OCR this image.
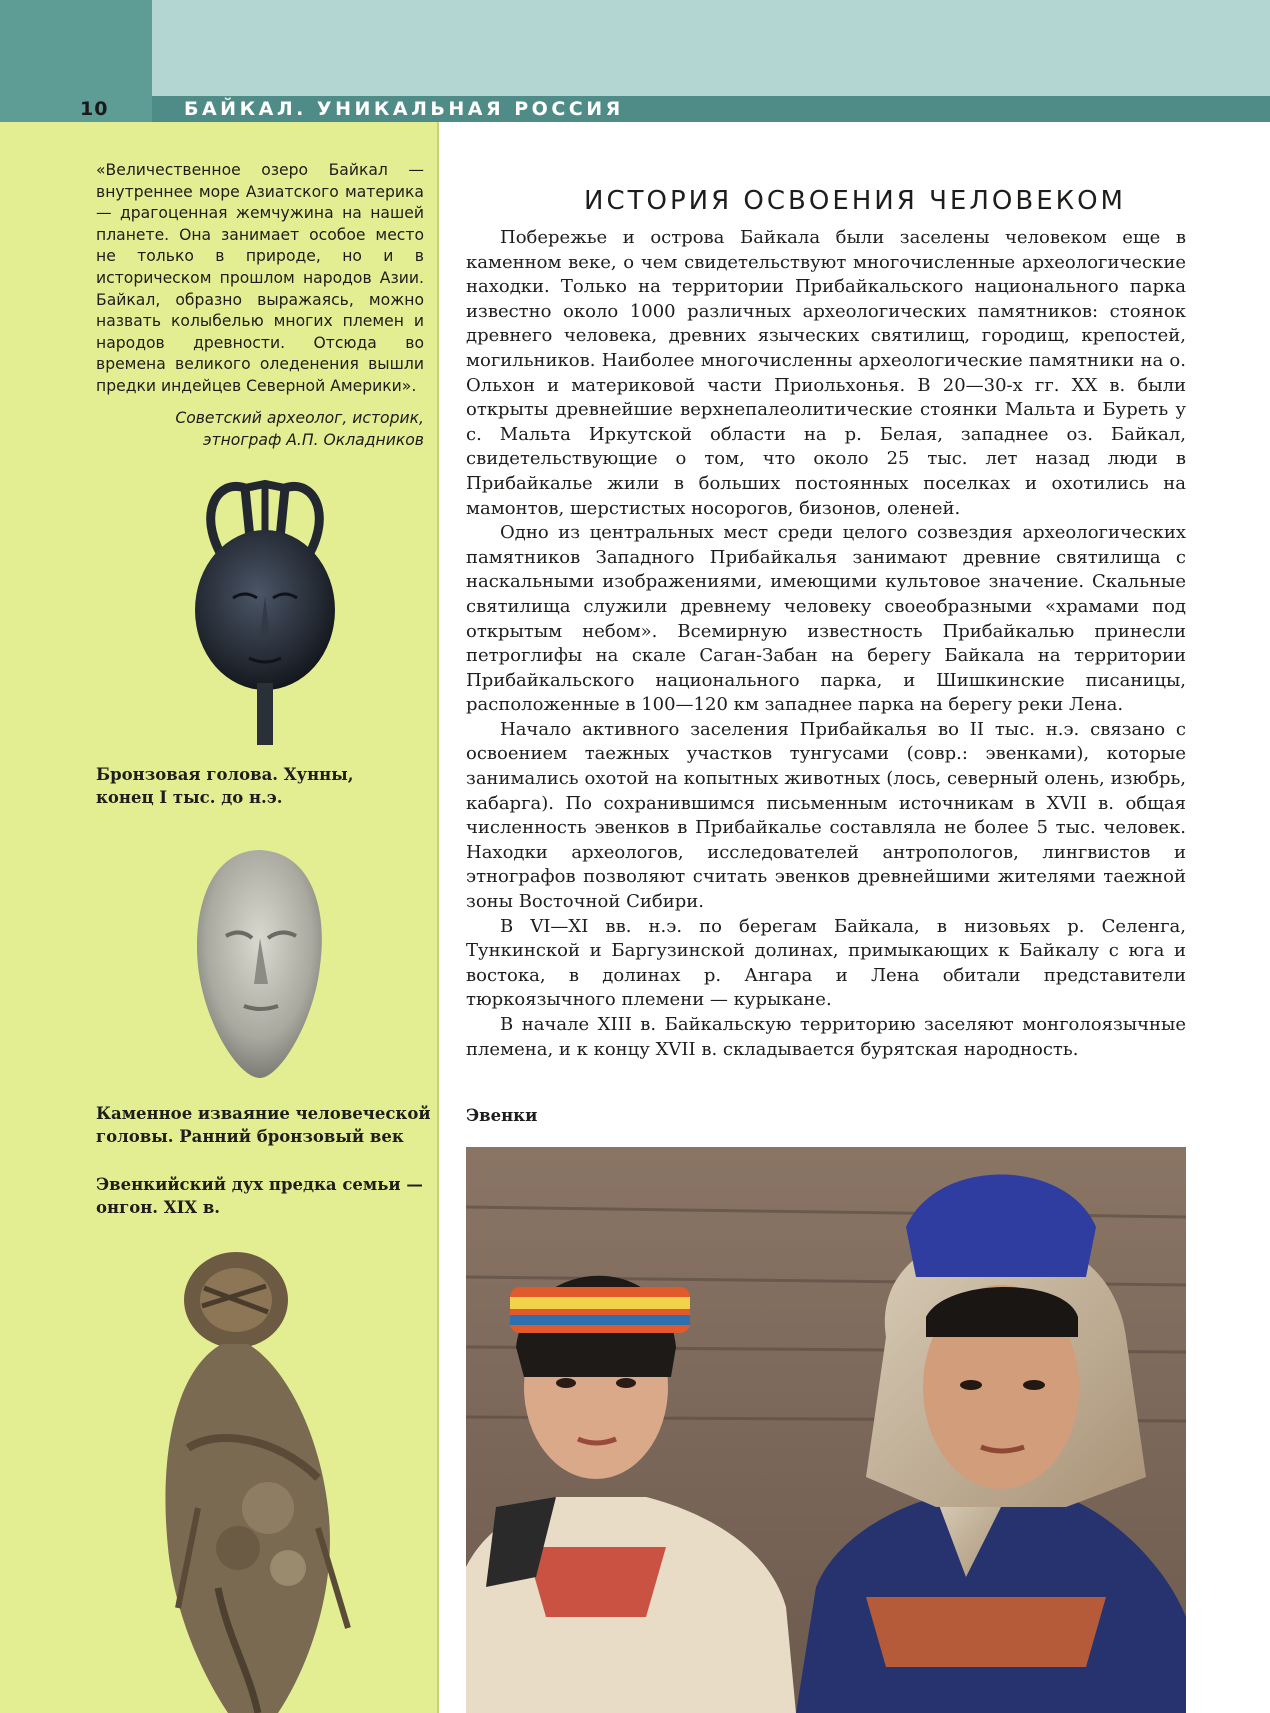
10	БАЙКАЛ. УНИКАЛЬНАЯ РОССИЯ
«Величественное озеро Байкал — внутреннее море Азиатского материка — драгоценная жемчужина на нашей планете. Она занимает особое место не только в природе, но и в историческом прошлом народов Азии. Байкал, образно выражаясь, можно назвать колыбелью многих племен и народов древности. Отсюда во времена великого оледенения вышли предки индейцев Северной Америки».
Советский археолог, историк,
этнограф А.П. Окладников
Бронзовая голова. Хунны,
конец I тыс. до н.э.
Каменное изваяние человеческой
головы. Ранний бронзовый век
Эвенкийский дух предка семьи —
онгон. XIX в.
ИСТОРИЯ ОСВОЕНИЯ ЧЕЛОВЕКОМ

Побережье и острова Байкала были заселены человеком еще в каменном веке, о чем свидетельствуют многочисленные археологические находки. Только на территории Прибайкальского национального парка известно около 1000 различных археологических памятников: стоянок древнего человека, древних языческих святилищ, городищ, крепостей, могильников. Наиболее многочисленны археологические памятники на о. Ольхон и материковой части Приольхонья. В 20—30-х гг. XX в. были открыты древнейшие верхнепалеолитические стоянки Мальта и Буреть у с. Мальта Иркутской области на р. Белая, западнее оз. Байкал, свидетельствующие о том, что около 25 тыс. лет назад люди в Прибайкалье жили в больших постоянных поселках и охотились на мамонтов, шерстистых носорогов, бизонов, оленей.

Одно из центральных мест среди целого созвездия археологических памятников Западного Прибайкалья занимают древние святилища с наскальными изображениями, имеющими культовое значение. Скальные святилища служили древнему человеку своеобразными «храмами под открытым небом». Всемирную известность Прибайкалью принесли петроглифы на скале Саган-Забан на берегу Байкала на территории Прибайкальского национального парка, и Шишкинские писаницы, расположенные в 100—120 км западнее парка на берегу реки Лена.

Начало активного заселения Прибайкалья во II тыс. н.э. связано с освоением таежных участков тунгусами (совр.: эвенками), которые занимались охотой на копытных животных (лось, северный олень, изюбрь, кабарга). По сохранившимся письменным источникам в XVII в. общая численность эвенков в Прибайкалье составляла не более 5 тыс. человек. Находки археологов, исследователей антропологов, лингвистов и этнографов позволяют считать эвенков древнейшими жителями таежной зоны Восточной Сибири.

В VI—XI вв. н.э. по берегам Байкала, в низовьях р. Селенга, Тункинской и Баргузинской долинах, примыкающих к Байкалу с юга и востока, в долинах р. Ангара и Лена обитали представители тюркоязычного племени — курыкане.

В начале XIII в. Байкальскую территорию заселяют монголоязычные племена, и к концу XVII в. складывается бурятская народность.

Эвенки
